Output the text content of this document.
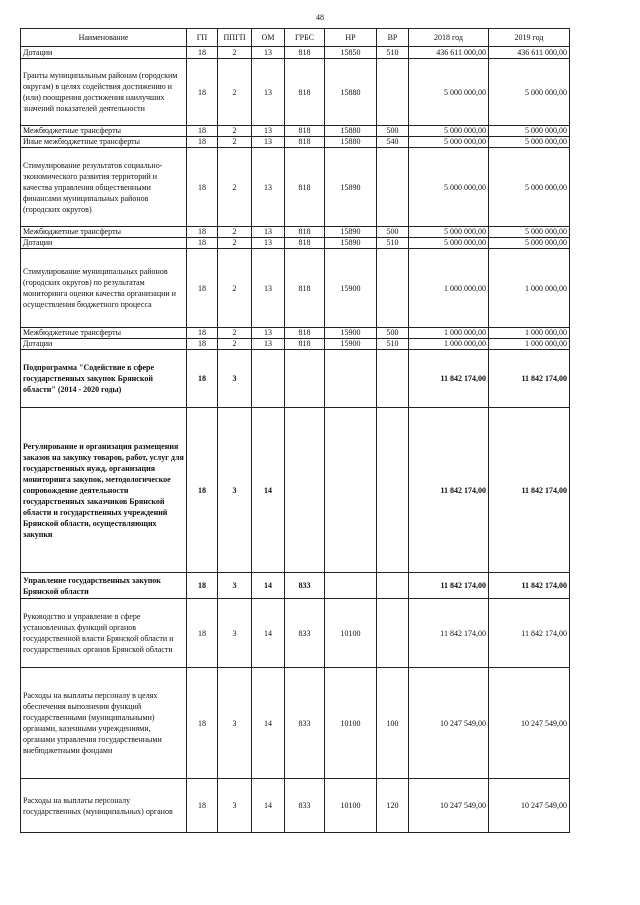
48
Наименование	ГП	ППГП	ОМ	ГРБС	НР	ВР	2018 год	2019 год
Дотации	18	2	13	818	15850	510	436 611 000,00	436 611 000,00
Гранты муниципальным районам (городским округам) в целях содействия достижению и (или) поощрения достижения наилучших значений показателей деятельности	18	2	13	818	15880		5 000 000,00	5 000 000,00
Межбюджетные трансферты	18	2	13	818	15880	500	5 000 000,00	5 000 000,00
Иные межбюджетные трансферты	18	2	13	818	15880	540	5 000 000,00	5 000 000,00
Стимулирование результатов социально-экономического развития территорий и качества управления общественными финансами муниципальных районов (городских округов)	18	2	13	818	15890		5 000 000,00	5 000 000,00
Межбюджетные трансферты	18	2	13	818	15890	500	5 000 000,00	5 000 000,00
Дотации	18	2	13	818	15890	510	5 000 000,00	5 000 000,00
Стимулирование муниципальных районов (городских округов) по результатам мониторинга оценки качества организации и осуществления бюджетного процесса	18	2	13	818	15900		1 000 000,00	1 000 000,00
Межбюджетные трансферты	18	2	13	818	15900	500	1 000 000,00	1 000 000,00
Дотации	18	2	13	818	15900	510	1 000 000,00	1 000 000,00
Подпрограмма "Содействие в сфере государственных закупок Брянской области" (2014 - 2020 годы)	18	3					11 842 174,00	11 842 174,00
Регулирование и организация размещения заказов на закупку товаров, работ, услуг для государственных нужд, организация мониторинга закупок, методологическое сопровождение деятельности государственных заказчиков Брянской области и государственных учреждений Брянской области, осуществляющих закупки	18	3	14				11 842 174,00	11 842 174,00
Управление государственных закупок Брянской области	18	3	14	833			11 842 174,00	11 842 174,00
Руководство и управление в сфере установленных функций органов государственной власти Брянской области и государственных органов Брянской области	18	3	14	833	10100		11 842 174,00	11 842 174,00
Расходы на выплаты персоналу в целях обеспечения выполнения функций государственными (муниципальными) органами, казенными учреждениями, органами управления государственными внебюджетными фондами	18	3	14	833	10100	100	10 247 549,00	10 247 549,00
Расходы на выплаты персоналу государственных (муниципальных) органов	18	3	14	833	10100	120	10 247 549,00	10 247 549,00
